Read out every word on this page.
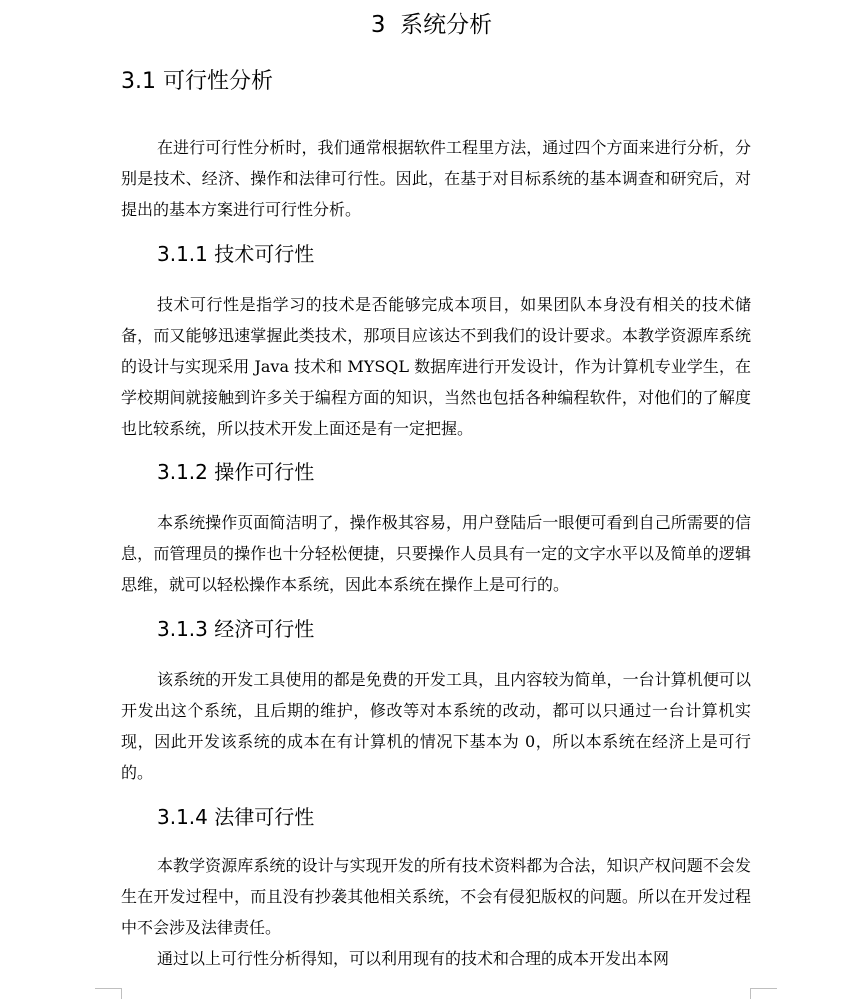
3  系统分析
3.1 可行性分析

在进行可行性分析时，我们通常根据软件工程里方法，通过四个方面来进行分析，分别是技术、经济、操作和法律可行性。因此，在基于对目标系统的基本调查和研究后，对提出的基本方案进行可行性分析。

3.1.1 技术可行性

技术可行性是指学习的技术是否能够完成本项目，如果团队本身没有相关的技术储备，而又能够迅速掌握此类技术，那项目应该达不到我们的设计要求。本教学资源库系统的设计与实现采用 Java 技术和 MYSQL 数据库进行开发设计，作为计算机专业学生，在学校期间就接触到许多关于编程方面的知识，当然也包括各种编程软件，对他们的了解度也比较系统，所以技术开发上面还是有一定把握。

3.1.2 操作可行性

本系统操作页面简洁明了，操作极其容易，用户登陆后一眼便可看到自己所需要的信息，而管理员的操作也十分轻松便捷，只要操作人员具有一定的文字水平以及简单的逻辑思维，就可以轻松操作本系统，因此本系统在操作上是可行的。

3.1.3 经济可行性

该系统的开发工具使用的都是免费的开发工具，且内容较为简单，一台计算机便可以开发出这个系统，且后期的维护，修改等对本系统的改动，都可以只通过一台计算机实现，因此开发该系统的成本在有计算机的情况下基本为 0，所以本系统在经济上是可行的。

3.1.4 法律可行性

本教学资源库系统的设计与实现开发的所有技术资料都为合法，知识产权问题不会发生在开发过程中，而且没有抄袭其他相关系统，不会有侵犯版权的问题。所以在开发过程中不会涉及法律责任。

通过以上可行性分析得知，可以利用现有的技术和合理的成本开发出本网
